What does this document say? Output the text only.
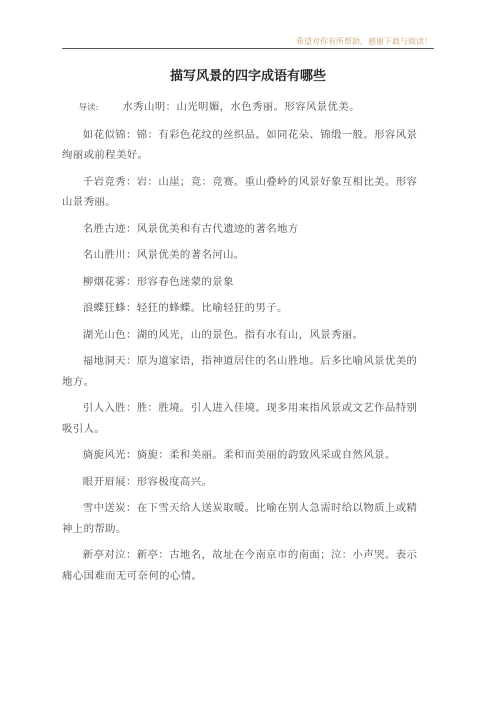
希望对你有所帮助，感谢下载与阅读！
描写风景的四字成语有哪些

导读: 水秀山明：山光明媚，水色秀丽。形容风景优美。

如花似锦：锦：有彩色花纹的丝织品。如同花朵、锦缎一般。形容风景绚丽或前程美好。

千岩竞秀：岩：山崖；竞：竞赛。重山叠岭的风景好象互相比美。形容山景秀丽。

名胜古迹：风景优美和有古代遗迹的著名地方

名山胜川：风景优美的著名河山。

柳烟花雾：形容春色迷蒙的景象

浪蝶狂蜂：轻狂的蜂蝶。比喻轻狂的男子。

湖光山色：湖的风光，山的景色。指有水有山，风景秀丽。

福地洞天：原为道家语，指神道居住的名山胜地。后多比喻风景优美的地方。

引人入胜：胜：胜境。引人进入佳境。现多用来指风景或文艺作品特别吸引人。

旖旎风光：旖旎：柔和美丽。柔和而美丽的韵致风采或自然风景。

眼开眉展：形容极度高兴。

雪中送炭：在下雪天给人送炭取暖。比喻在别人急需时给以物质上或精神上的帮助。

新亭对泣：新亭：古地名，故址在今南京市的南面；泣：小声哭。表示痛心国难而无可奈何的心情。
